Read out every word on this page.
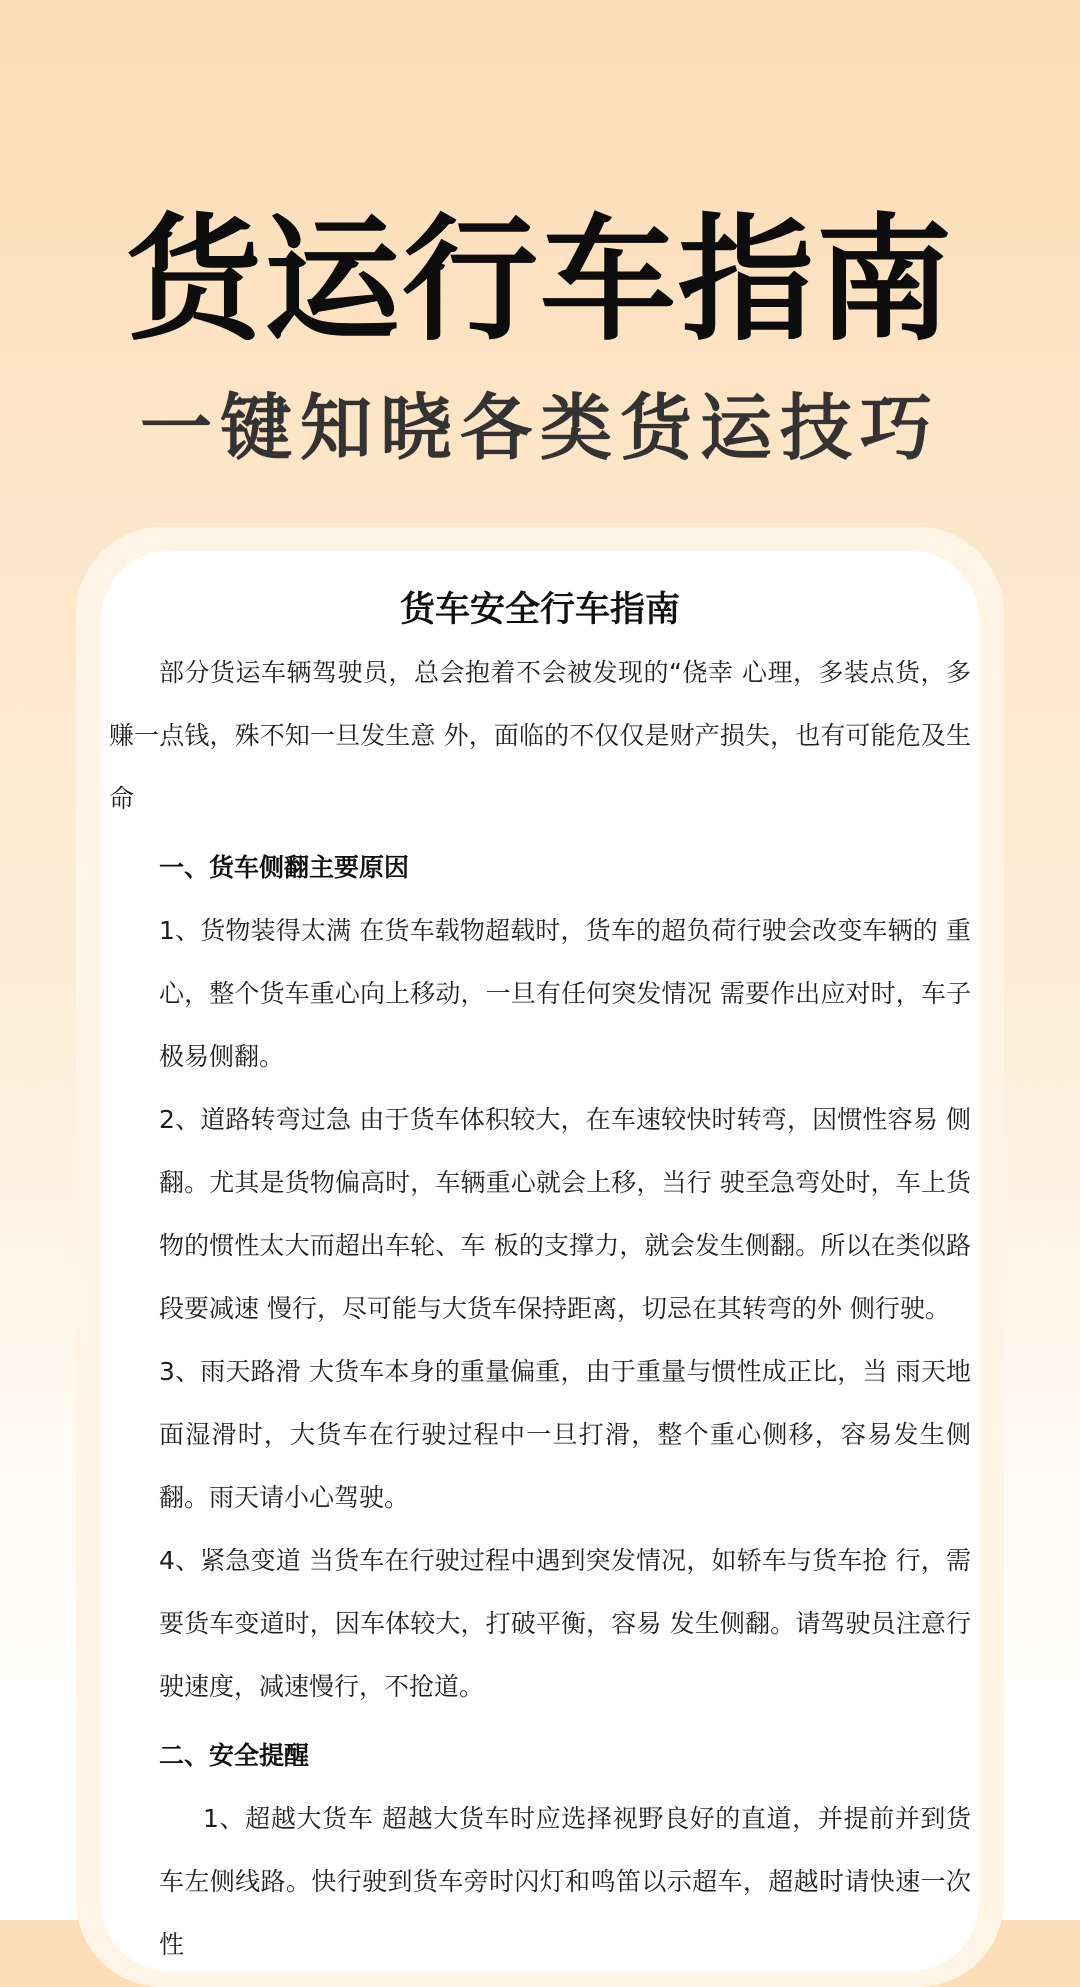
货运行车指南
一键知晓各类货运技巧
货车安全行车指南

部分货运车辆驾驶员，总会抱着不会被发现的“侥幸 心理，多装点货，多赚一点钱，殊不知一旦发生意 外，面临的不仅仅是财产损失，也有可能危及生命

一、货车侧翻主要原因

1、货物装得太满 在货车载物超载时，货车的超负荷行驶会改变车辆的 重心，整个货车重心向上移动，一旦有任何突发情况 需要作出应对时，车子极易侧翻。

2、道路转弯过急 由于货车体积较大，在车速较快时转弯，因惯性容易 侧翻。尤其是货物偏高时，车辆重心就会上移，当行 驶至急弯处时，车上货物的惯性太大而超出车轮、车 板的支撑力，就会发生侧翻。所以在类似路段要减速 慢行，尽可能与大货车保持距离，切忌在其转弯的外 侧行驶。

3、雨天路滑 大货车本身的重量偏重，由于重量与惯性成正比，当 雨天地面湿滑时，大货车在行驶过程中一旦打滑，整个重心侧移，容易发生侧翻。雨天请小心驾驶。

4、紧急变道 当货车在行驶过程中遇到突发情况，如轿车与货车抢 行，需要货车变道时，因车体较大，打破平衡，容易 发生侧翻。请驾驶员注意行驶速度，减速慢行，不抢道。

二、安全提醒

1、超越大货车 超越大货车时应选择视野良好的直道，并提前并到货车左侧线路。快行驶到货车旁时闪灯和鸣笛以示超车，超越时请快速一次性
